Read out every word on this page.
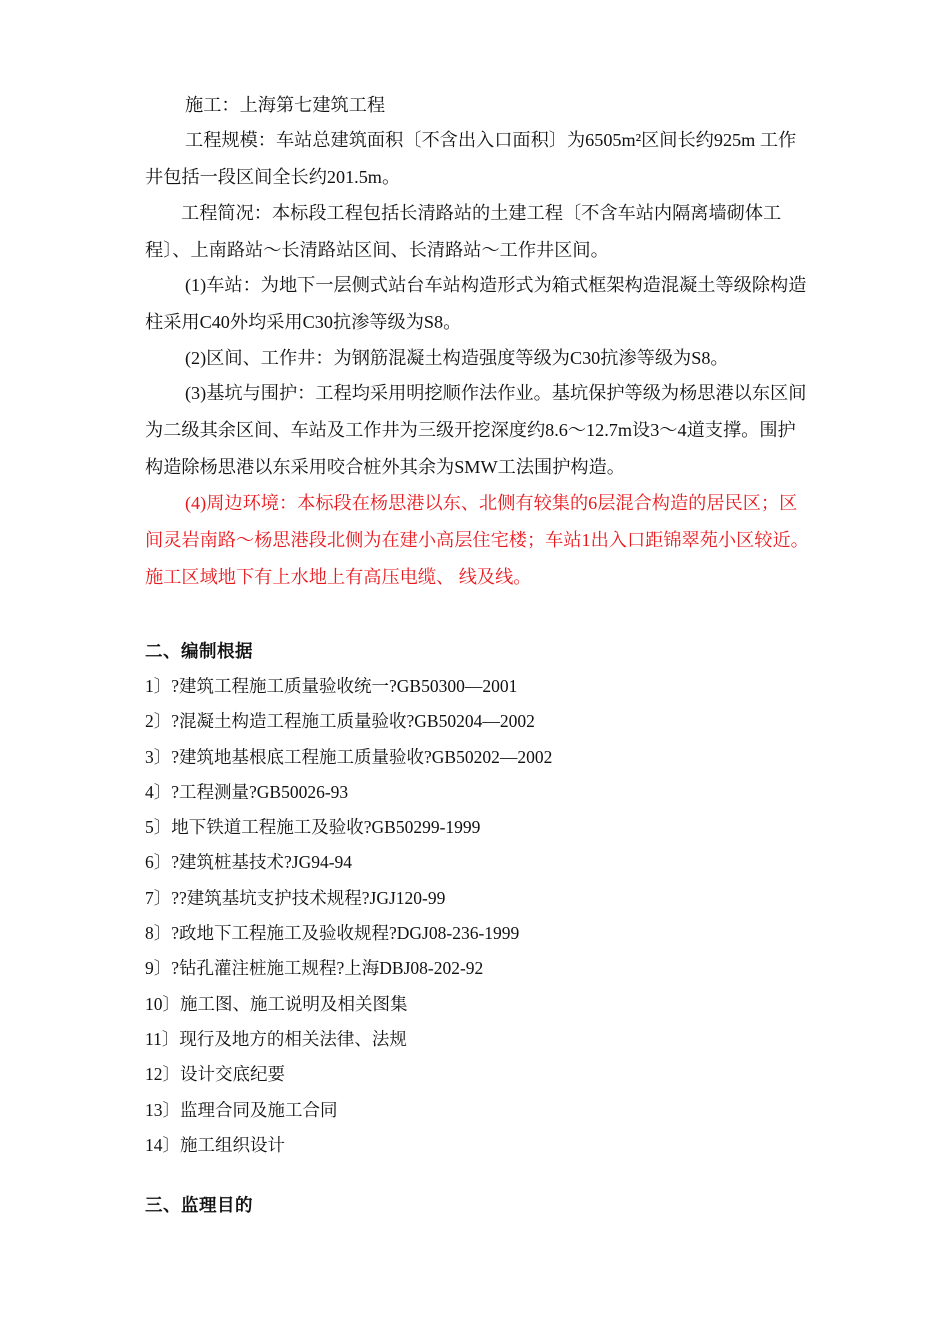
施工：上海第七建筑工程
工程规模：车站总建筑面积〔不含出入口面积〕为6505m²区间长约925m 工作
井包括一段区间全长约201.5m。
工程简况：本标段工程包括长清路站的土建工程〔不含车站内隔离墙砌体工
程〕、上南路站～长清路站区间、长清路站～工作井区间。
(1)车站：为地下一层侧式站台车站构造形式为箱式框架构造混凝土等级除构造
柱采用C40外均采用C30抗渗等级为S8。
(2)区间、工作井：为钢筋混凝土构造强度等级为C30抗渗等级为S8。
(3)基坑与围护：工程均采用明挖顺作法作业。基坑保护等级为杨思港以东区间
为二级其余区间、车站及工作井为三级开挖深度约8.6～12.7m设3～4道支撑。围护
构造除杨思港以东采用咬合桩外其余为SMW工法围护构造。
(4)周边环境：本标段在杨思港以东、北侧有较集的6层混合构造的居民区；区
间灵岩南路～杨思港段北侧为在建小高层住宅楼；车站1出入口距锦翠苑小区较近。
施工区域地下有上水地上有高压电缆、 线及线。
二、编制根据
1〕?建筑工程施工质量验收统一?GB50300—2001
2〕?混凝土构造工程施工质量验收?GB50204—2002
3〕?建筑地基根底工程施工质量验收?GB50202—2002
4〕?工程测量?GB50026-93
5〕地下铁道工程施工及验收?GB50299-1999
6〕?建筑桩基技术?JG94-94
7〕??建筑基坑支护技术规程?JGJ120-99
8〕?政地下工程施工及验收规程?DGJ08-236-1999
9〕?钻孔灌注桩施工规程?上海DBJ08-202-92
10〕施工图、施工说明及相关图集
11〕现行及地方的相关法律、法规
12〕设计交底纪要
13〕监理合同及施工合同
14〕施工组织设计
三、监理目的
